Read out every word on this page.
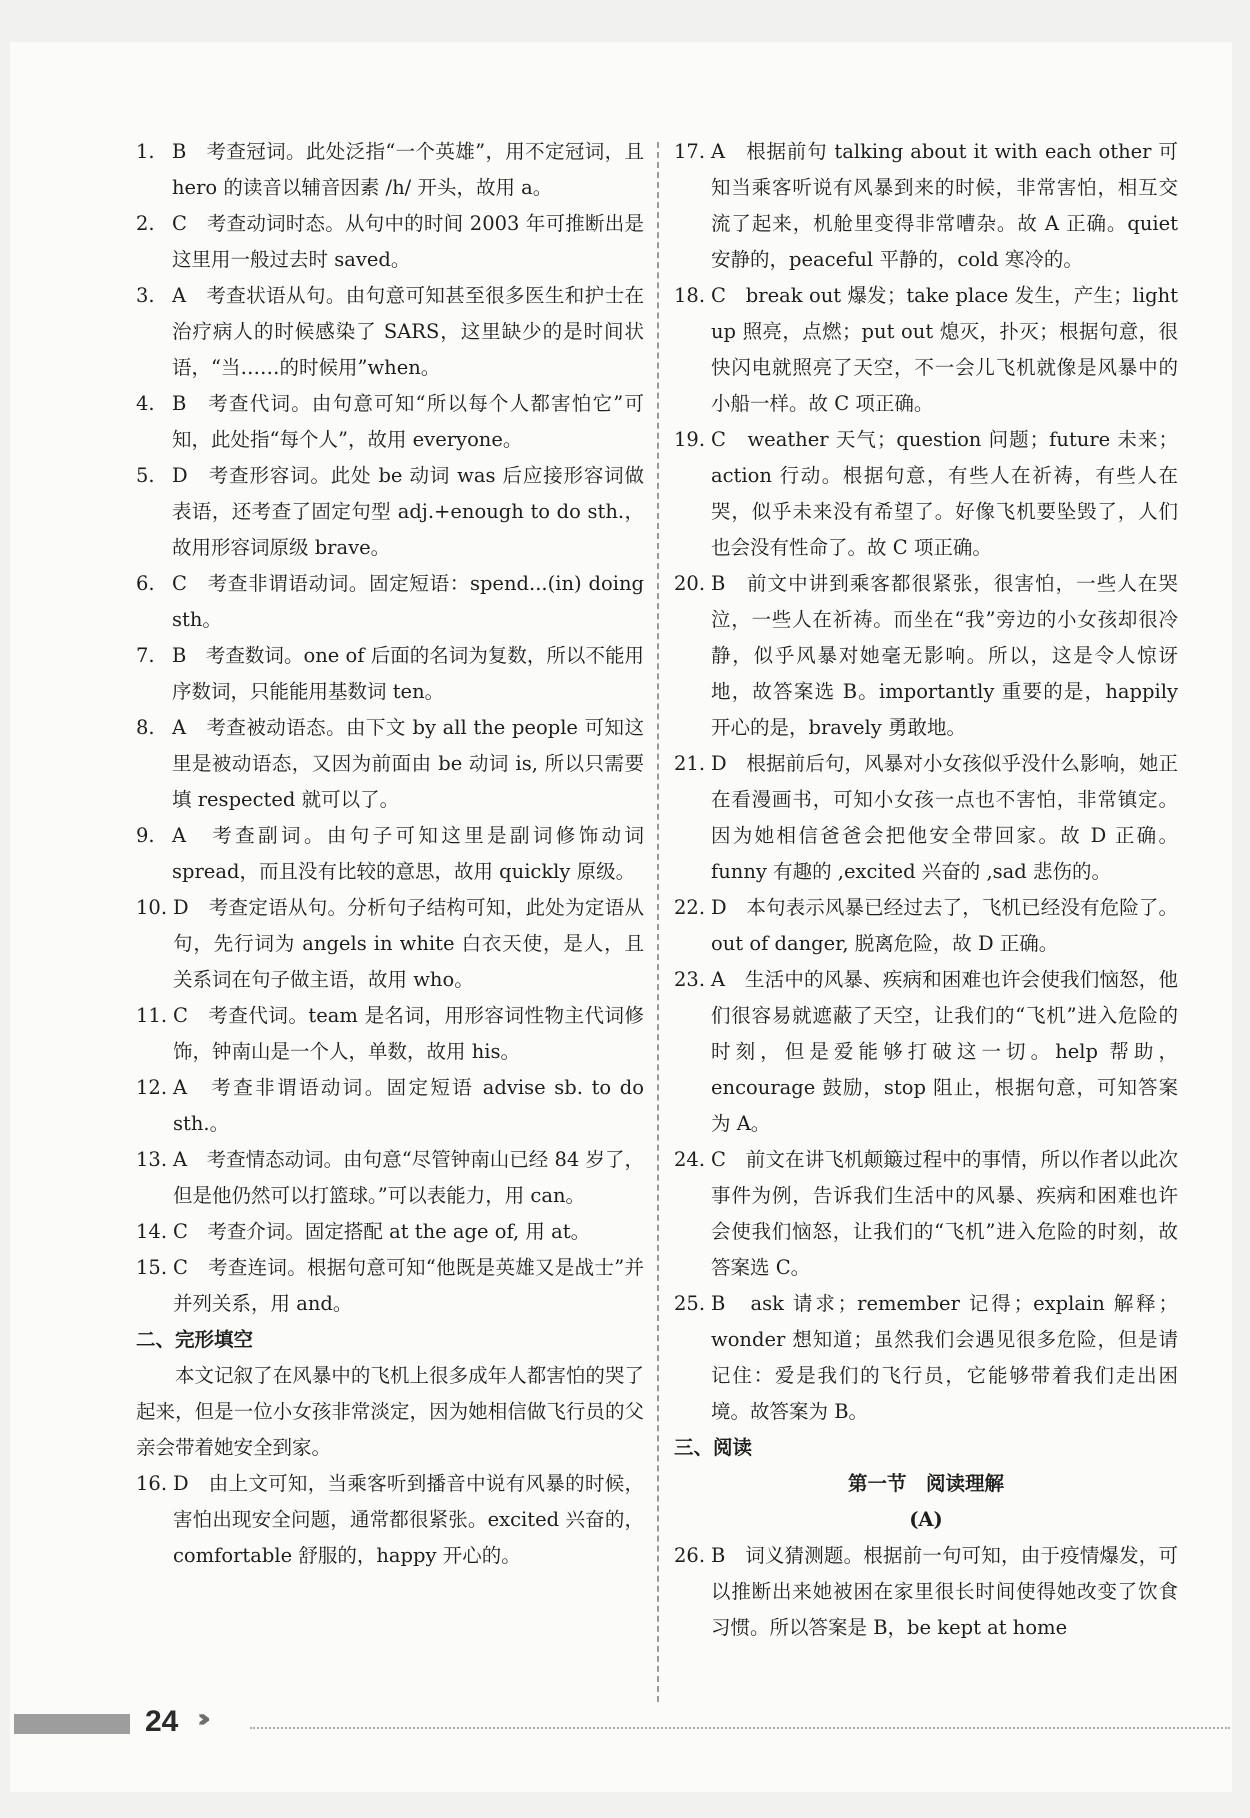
1. B　考查冠词。此处泛指“一个英雄”，用不定冠词，且 hero 的读音以辅音因素 /h/ 开头，故用 a。
2. C　考查动词时态。从句中的时间 2003 年可推断出是这里用一般过去时 saved。
3. A　考查状语从句。由句意可知甚至很多医生和护士在治疗病人的时候感染了 SARS，这里缺少的是时间状语，“当……的时候用”when。
4. B　考查代词。由句意可知“所以每个人都害怕它”可知，此处指“每个人”，故用 everyone。
5. D　考查形容词。此处 be 动词 was 后应接形容词做表语，还考查了固定句型 adj.+enough to do sth.，故用形容词原级 brave。
6. C　考查非谓语动词。固定短语：spend...(in) doing sth。
7. B　考查数词。one of 后面的名词为复数，所以不能用序数词，只能能用基数词 ten。
8. A　考查被动语态。由下文 by all the people 可知这里是被动语态，又因为前面由 be 动词 is, 所以只需要填 respected 就可以了。
9. A　考查副词。由句子可知这里是副词修饰动词 spread，而且没有比较的意思，故用 quickly 原级。
10. D　考查定语从句。分析句子结构可知，此处为定语从句，先行词为 angels in white 白衣天使，是人，且关系词在句子做主语，故用 who。
11. C　考查代词。team 是名词，用形容词性物主代词修饰，钟南山是一个人，单数，故用 his。
12. A　考查非谓语动词。固定短语 advise sb. to do sth.。
13. A　考查情态动词。由句意“尽管钟南山已经 84 岁了，但是他仍然可以打篮球。”可以表能力，用 can。
14. C　考查介词。固定搭配 at the age of, 用 at。
15. C　考查连词。根据句意可知“他既是英雄又是战士”并并列关系，用 and。
二、完形填空
本文记叙了在风暴中的飞机上很多成年人都害怕的哭了起来，但是一位小女孩非常淡定，因为她相信做飞行员的父亲会带着她安全到家。
16. D　由上文可知，当乘客听到播音中说有风暴的时候，害怕出现安全问题，通常都很紧张。excited 兴奋的，comfortable 舒服的，happy 开心的。
17. A　根据前句 talking about it with each other 可知当乘客听说有风暴到来的时候，非常害怕，相互交流了起来，机舱里变得非常嘈杂。故 A 正确。quiet 安静的，peaceful 平静的，cold 寒冷的。
18. C　break out 爆发；take place 发生，产生；light up 照亮，点燃；put out 熄灭，扑灭；根据句意，很快闪电就照亮了天空，不一会儿飞机就像是风暴中的小船一样。故 C 项正确。
19. C　weather 天气；question 问题；future 未来；action 行动。根据句意，有些人在祈祷，有些人在哭，似乎未来没有希望了。好像飞机要坠毁了，人们也会没有性命了。故 C 项正确。
20. B　前文中讲到乘客都很紧张，很害怕，一些人在哭泣，一些人在祈祷。而坐在“我”旁边的小女孩却很冷静，似乎风暴对她毫无影响。所以，这是令人惊讶地，故答案选 B。importantly 重要的是，happily 开心的是，bravely 勇敢地。
21. D　根据前后句，风暴对小女孩似乎没什么影响，她正在看漫画书，可知小女孩一点也不害怕，非常镇定。因为她相信爸爸会把他安全带回家。故 D 正确。funny 有趣的 ,excited 兴奋的 ,sad 悲伤的。
22. D　本句表示风暴已经过去了，飞机已经没有危险了。out of danger, 脱离危险，故 D 正确。
23. A　生活中的风暴、疾病和困难也许会使我们恼怒，他们很容易就遮蔽了天空，让我们的“飞机”进入危险的时刻，但是爱能够打破这一切。help 帮助，encourage 鼓励，stop 阻止，根据句意，可知答案为 A。
24. C　前文在讲飞机颠簸过程中的事情，所以作者以此次事件为例，告诉我们生活中的风暴、疾病和困难也许会使我们恼怒，让我们的“飞机”进入危险的时刻，故答案选 C。
25. B　ask 请求；remember 记得；explain 解释；wonder 想知道；虽然我们会遇见很多危险，但是请记住：爱是我们的飞行员，它能够带着我们走出困境。故答案为 B。
三、阅读
第一节　阅读理解
(A)
26. B　词义猜测题。根据前一句可知，由于疫情爆发，可以推断出来她被困在家里很长时间使得她改变了饮食习惯。所以答案是 B，be kept at home
24 ›››
